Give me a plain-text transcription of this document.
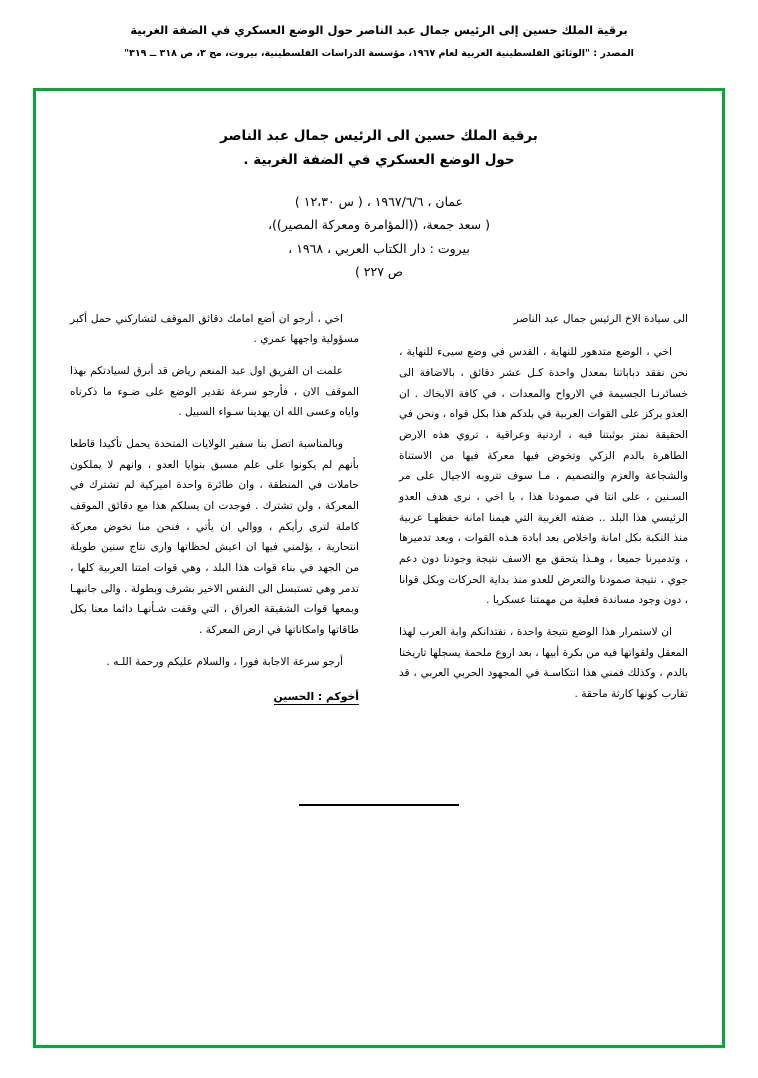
برقية الملك حسين إلى الرئيس جمال عبد الناصر حول الوضع العسكري في الضفة الغربية
المصدر : "الوثائق الفلسطينية العربية لعام ١٩٦٧، مؤسسة الدراسات الفلسطينية، بيروت، مج ٣، ص ٣١٨ ــ ٣١٩"
برقية الملك حسين الى الرئيس جمال عبد الناصر
حول الوضع العسكري في الضفة الغربية .
عمان ، ١٩٦٧/٦/٦ ، ( س ١٢،٣٠ )
( سعد جمعة، ((المؤامرة ومعركة المصير))،
بيروت : دار الكتاب العربي ، ١٩٦٨ ،
ص ٢٢٧ )

الى سيادة الاخ الرئيس جمال عبد الناصر

اخي ، الوضع متدهور للنهاية ، القدس في وضع سيىء للنهاية ، نحن نفقد دباباتنا بمعدل واحدة كـل عشر دقائق ، بالاضافة الى خسائرنـا الجسيمة في الارواح والمعدات ، في كافة الابخاك . ان العدو يركز على القوات العربية في بلدكم هذا بكل قواه ، ونحن في الحقيقة نمتز بوثبتنا فيه ، اردنية وعراقية ، تروي هذه الارض الطاهرة بالدم الزكي وتخوض فيها معركة فيها من الاستناة والشجاعة والعزم والتصميم ، مـا سوف تتروبه الاجيال على مر السـنين ، على انتا في صمودنا هذا ، يا اخي ، نرى هدف العدو الرئيسي هذا البلد .. ضفته الغربية التي هيمنا امانة حفظهـا عربية منذ النكبة بكل امانة واخلاص بعد ابادة هـذه القوات ، وبعد تدميرها ، وتدميرنا جميعا ، وهـذا يتحقق مع الاسف نتيجة وجودنا دون دعم جوي ، نتيجة صمودنا والتعرض للعدو منذ بداية الحركات وبكل قوانا ، دون وجود مساندة فعلية من مهمتنا عسكريا .

ان لاستمرار هذا الوضع نتيجة واحدة ، نفتدانكم وابة العرب لهذا المعقل ولقواتها فيه من بكرة أبيها ، بعد اروع ملحمة يسجلها تاريخنا بالدم ، وكذلك فمني هذا انتكاسـة في المجهود الحربي العربي ، قد تقارب كونها كارثة ماحقة .

اخي ، أرجو ان أضع امامك دقائق الموقف لتشاركني حمل أكبر مسؤولية واجهها عمري .

علمت ان الفريق اول عبد المنعم رياض قد أبرق لسيادتكم بهذا الموقف الان ، فأرجو سرعة تقدير الوضع على ضـوء ما ذكرناه واياه وعسى الله ان يهدينا سـواء السبيل .

وبالمناسبة اتصل بنا سفير الولايات المتحدة يحمل تأكيدا قاطعا بأنهم لم يكونوا على علم مسبق بنوايا العدو ، وانهم لا يملكون حاملات في المنطقة ، وان طائرة واحدة اميركية لم تشترك في المعركة ، ولن تشترك . فوجدت ان يسلكم هذا مع دقائق الموقف كاملة لترى رأيكم ، ووالي ان يأتي ، فنحن منا نخوض معركة انتحارية ، يؤلمني فيها ان اعيش لحظاتها وارى نتاج سنين طويلة من الجهد في بناء قوات هذا البلد ، وهي قوات امتنا العربية كلها ، تدمر وهي تستبسل الى النفس الاخير بشرف وبطولة . والى جانبهـا وبمعها قوات الشقيقة العراق ، التي وقفت شـأنهـا دائما معنا بكل طاقاتها وامكاناتها في ارض المعركة .

أرجو سرعة الاجابة فورا ، والسلام عليكم ورحمة اللـه .

أخوكم : الحسين
